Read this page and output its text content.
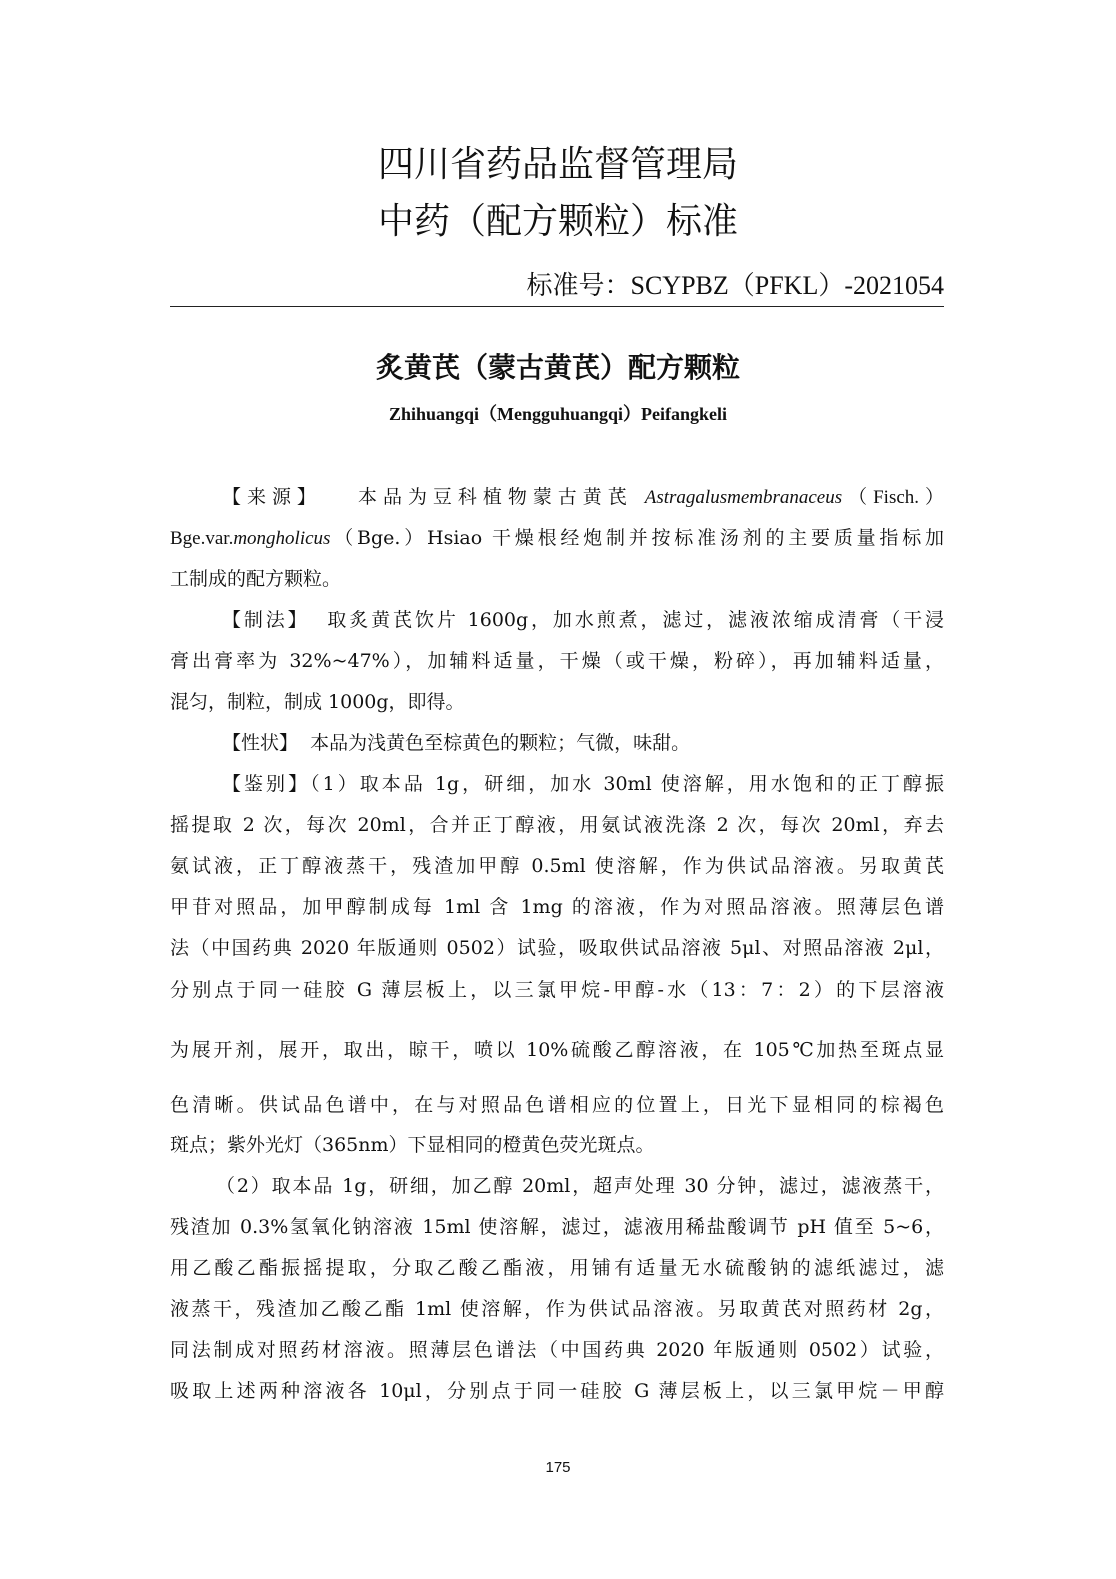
四川省药品监督管理局
中药（配方颗粒）标准
标准号：SCYPBZ（PFKL）-2021054
炙黄芪（蒙古黄芪）配方颗粒
Zhihuangqi（Mengguhuangqi）Peifangkeli
【来源】 本品为豆科植物蒙古黄芪 Astragalusmembranaceus（Fisch.）
Bge.var.mongholicus（Bge.）Hsiao 干燥根经炮制并按标准汤剂的主要质量指标加
工制成的配方颗粒。
【制法】 取炙黄芪饮片 1600g，加水煎煮，滤过，滤液浓缩成清膏（干浸
膏出膏率为 32%~47%），加辅料适量，干燥（或干燥，粉碎），再加辅料适量，
混匀，制粒，制成 1000g，即得。
【性状】 本品为浅黄色至棕黄色的颗粒；气微，味甜。
【鉴别】（1）取本品 1g，研细，加水 30ml 使溶解，用水饱和的正丁醇振
摇提取 2 次，每次 20ml，合并正丁醇液，用氨试液洗涤 2 次，每次 20ml，弃去
氨试液，正丁醇液蒸干，残渣加甲醇 0.5ml 使溶解，作为供试品溶液。另取黄芪
甲苷对照品，加甲醇制成每 1ml 含 1mg 的溶液，作为对照品溶液。照薄层色谱
法（中国药典 2020 年版通则 0502）试验，吸取供试品溶液 5μl、对照品溶液 2μl，
分别点于同一硅胶 G 薄层板上，以三氯甲烷-甲醇-水（13：7：2）的下层溶液
为展开剂，展开，取出，晾干，喷以 10%硫酸乙醇溶液，在 105℃加热至斑点显
色清晰。供试品色谱中，在与对照品色谱相应的位置上，日光下显相同的棕褐色
斑点；紫外光灯（365nm）下显相同的橙黄色荧光斑点。
（2）取本品 1g，研细，加乙醇 20ml，超声处理 30 分钟，滤过，滤液蒸干，
残渣加 0.3%氢氧化钠溶液 15ml 使溶解，滤过，滤液用稀盐酸调节 pH 值至 5~6，
用乙酸乙酯振摇提取，分取乙酸乙酯液，用铺有适量无水硫酸钠的滤纸滤过，滤
液蒸干，残渣加乙酸乙酯 1ml 使溶解，作为供试品溶液。另取黄芪对照药材 2g，
同法制成对照药材溶液。照薄层色谱法（中国药典 2020 年版通则 0502）试验，
吸取上述两种溶液各 10μl，分别点于同一硅胶 G 薄层板上，以三氯甲烷－甲醇
175
